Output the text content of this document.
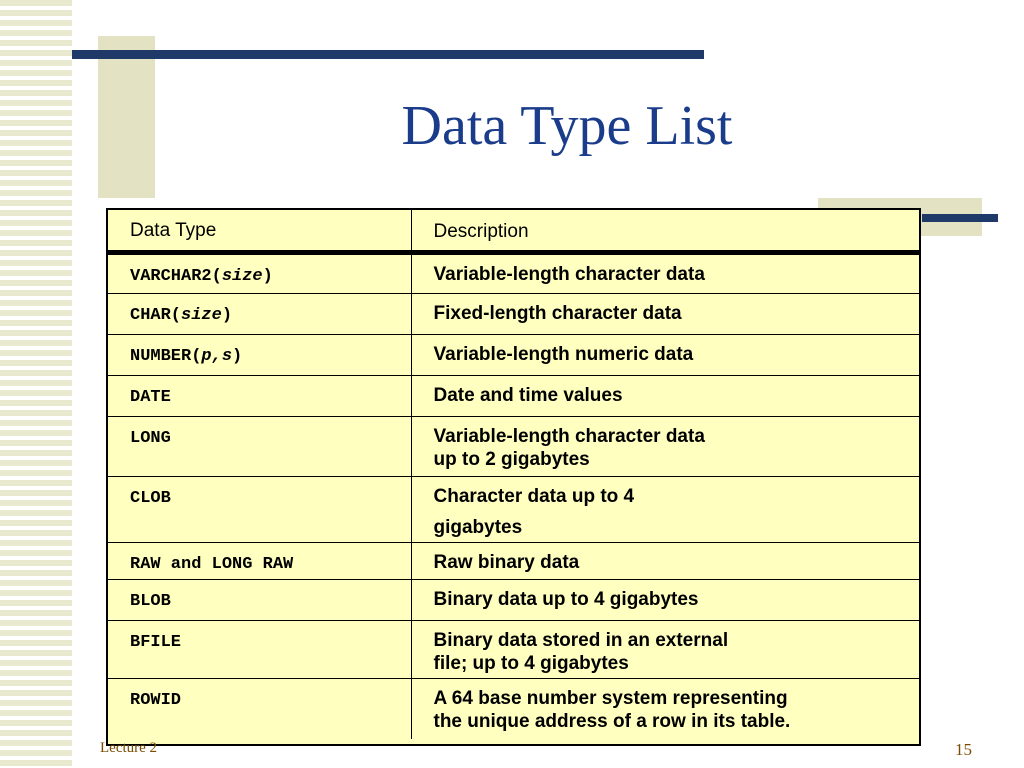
Data Type List
Data Type	Description
VARCHAR2(size)	Variable-length character data

CHAR(size)	Fixed-length character data

NUMBER(p,s)	Variable-length numeric data

DATE	Date and time values

LONG	Variable-length character data
up to 2 gigabytes

CLOB	Character data up to 4
gigabytes

RAW and LONG RAW	Raw binary data

BLOB	Binary data up to 4 gigabytes

BFILE	Binary data stored in an external
file; up to 4 gigabytes

ROWID	A 64 base number system representing
the unique address of a row in its table.
Lecture 2	15
